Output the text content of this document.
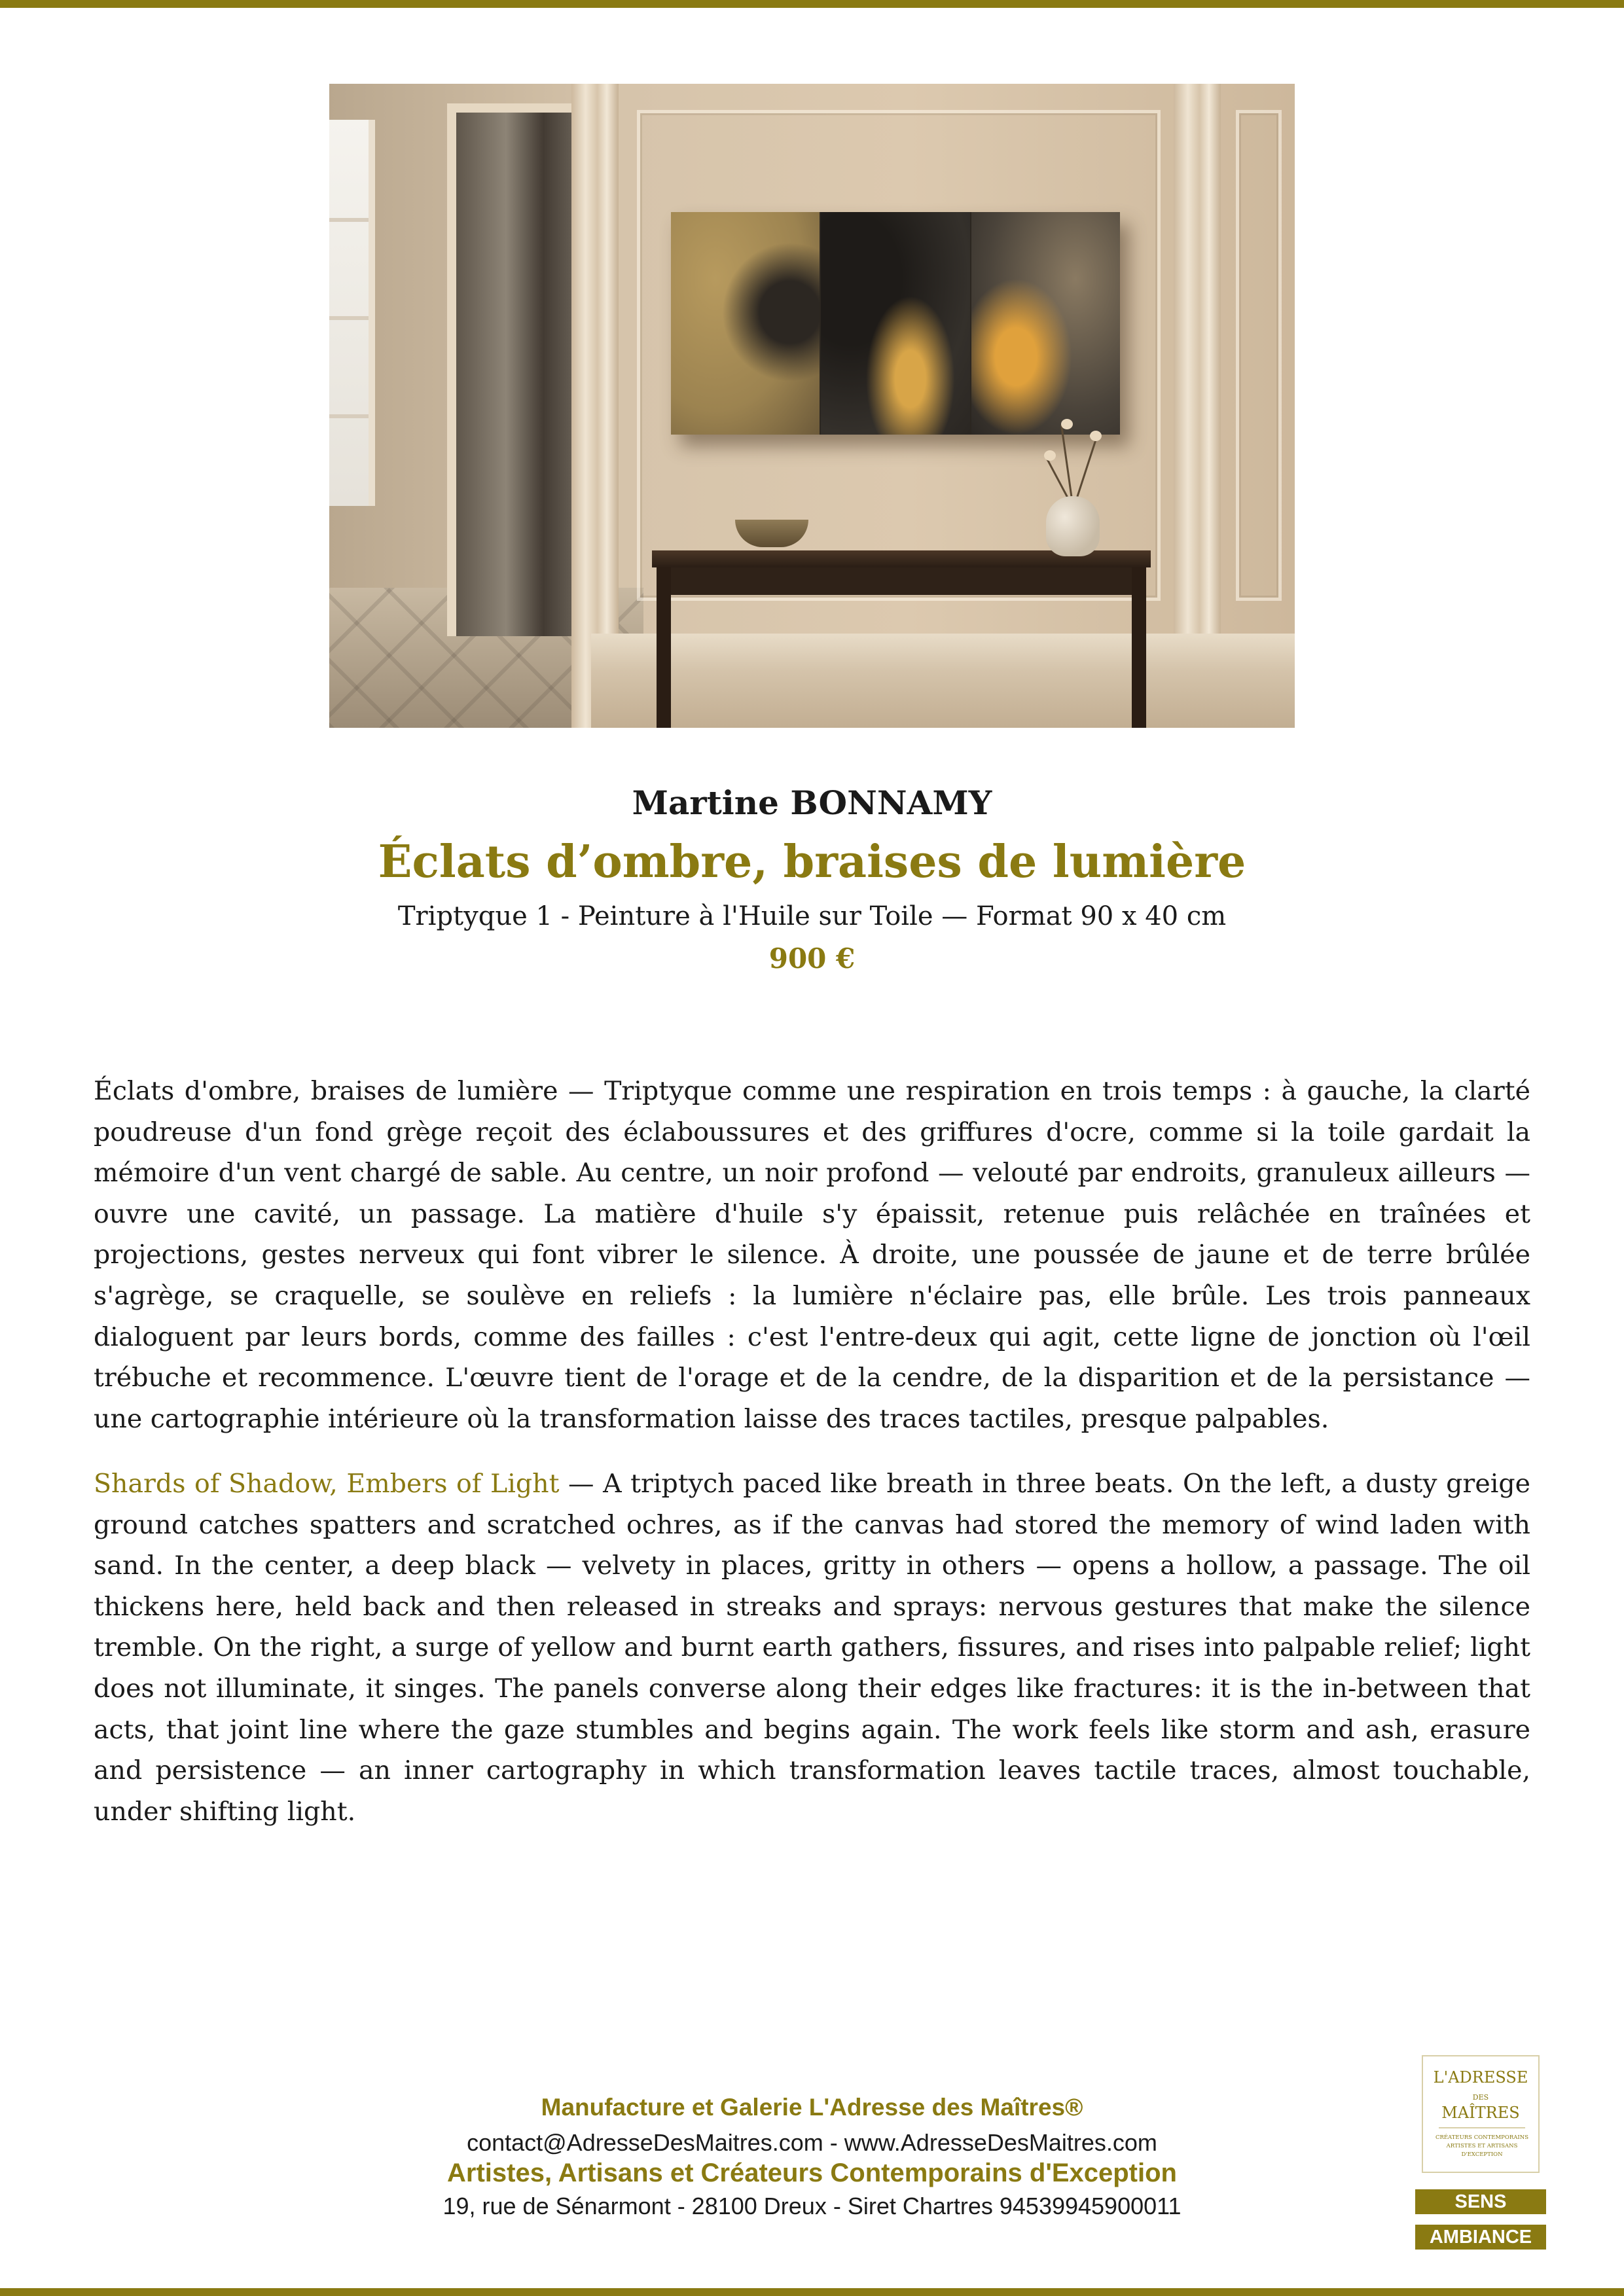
Martine BONNAMY
Éclats d’ombre, braises de lumière
Triptyque 1 - Peinture à l'Huile sur Toile — Format 90 x 40 cm
900 €

Éclats d'ombre, braises de lumière — Triptyque comme une respiration en trois temps : à gauche, la clarté poudreuse d'un fond grège reçoit des éclaboussures et des griffures d'ocre, comme si la toile gardait la mémoire d'un vent chargé de sable. Au centre, un noir profond — velouté par endroits, granuleux ailleurs — ouvre une cavité, un passage. La matière d'huile s'y épaissit, retenue puis relâchée en traînées et projections, gestes nerveux qui font vibrer le silence. À droite, une poussée de jaune et de terre brûlée s'agrège, se craquelle, se soulève en reliefs : la lumière n'éclaire pas, elle brûle. Les trois panneaux dialoguent par leurs bords, comme des failles : c'est l'entre-deux qui agit, cette ligne de jonction où l'œil trébuche et recommence. L'œuvre tient de l'orage et de la cendre, de la disparition et de la persistance — une cartographie intérieure où la transformation laisse des traces tactiles, presque palpables.

Shards of Shadow, Embers of Light — A triptych paced like breath in three beats. On the left, a dusty greige ground catches spatters and scratched ochres, as if the canvas had stored the memory of wind laden with sand. In the center, a deep black — velvety in places, gritty in others — opens a hollow, a passage. The oil thickens here, held back and then released in streaks and sprays: nervous gestures that make the silence tremble. On the right, a surge of yellow and burnt earth gathers, fissures, and rises into palpable relief; light does not illuminate, it singes. The panels converse along their edges like fractures: it is the in-between that acts, that joint line where the gaze stumbles and begins again. The work feels like storm and ash, erasure and persistence — an inner cartography in which transformation leaves tactile traces, almost touchable, under shifting light.

Manufacture et Galerie L'Adresse des Maîtres®
contact@AdresseDesMaitres.com - www.AdresseDesMaitres.com
Artistes, Artisans et Créateurs Contemporains d'Exception
19, rue de Sénarmont - 28100 Dreux - Siret Chartres 94539945900011
L'ADRESSE
DES
MAÎTRES
CRÉATEURS CONTEMPORAINS ARTISTES ET ARTISANS D'EXCEPTION
SENS
AMBIANCE
